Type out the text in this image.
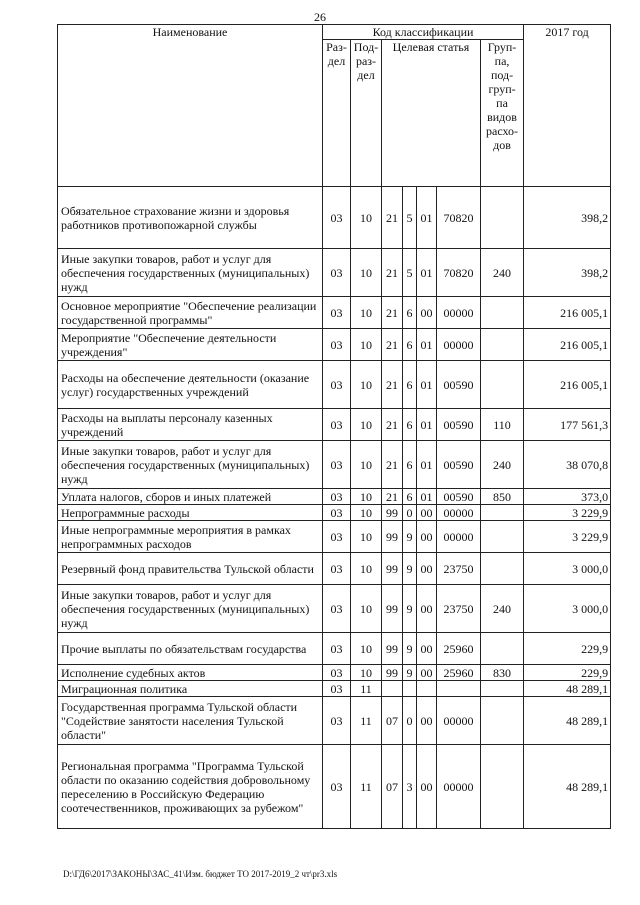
26
Наименование	Код классификации							2017 год
	Раз-дел	Под-раз-дел	Целевая статья				Груп-па, под-груп-па видов расхо-дов	
Обязательное страхование жизни и здоровья работников противопожарной службы	03	10	21	5	01	70820		398,2
Иные закупки товаров, работ и услуг для обеспечения государственных (муниципальных) нужд	03	10	21	5	01	70820	240	398,2
Основное мероприятие "Обеспечение реализации государственной программы"	03	10	21	6	00	00000		216 005,1
Мероприятие "Обеспечение деятельности учреждения"	03	10	21	6	01	00000		216 005,1
Расходы на обеспечение деятельности (оказание услуг) государственных учреждений	03	10	21	6	01	00590		216 005,1
Расходы на выплаты персоналу казенных учреждений	03	10	21	6	01	00590	110	177 561,3
Иные закупки товаров, работ и услуг для обеспечения государственных (муниципальных) нужд	03	10	21	6	01	00590	240	38 070,8
Уплата налогов, сборов и иных платежей	03	10	21	6	01	00590	850	373,0
Непрограммные расходы	03	10	99	0	00	00000		3 229,9
Иные непрограммные мероприятия в рамках непрограммных расходов	03	10	99	9	00	00000		3 229,9
Резервный фонд правительства Тульской области	03	10	99	9	00	23750		3 000,0
Иные закупки товаров, работ и услуг для обеспечения государственных (муниципальных) нужд	03	10	99	9	00	23750	240	3 000,0
Прочие выплаты по обязательствам государства	03	10	99	9	00	25960		229,9
Исполнение судебных актов	03	10	99	9	00	25960	830	229,9
Миграционная политика	03	11						48 289,1
Государственная программа Тульской области "Содействие занятости населения Тульской области"	03	11	07	0	00	00000		48 289,1
Региональная программа "Программа Тульской области по оказанию содействия добровольному переселению в Российскую Федерацию соотечественников, проживающих за рубежом"	03	11	07	3	00	00000		48 289,1
D:\ГД6\2017\ЗАКОНЫ\ЗАС_41\Изм. бюджет ТО 2017-2019_2 чт\pr3.xls
